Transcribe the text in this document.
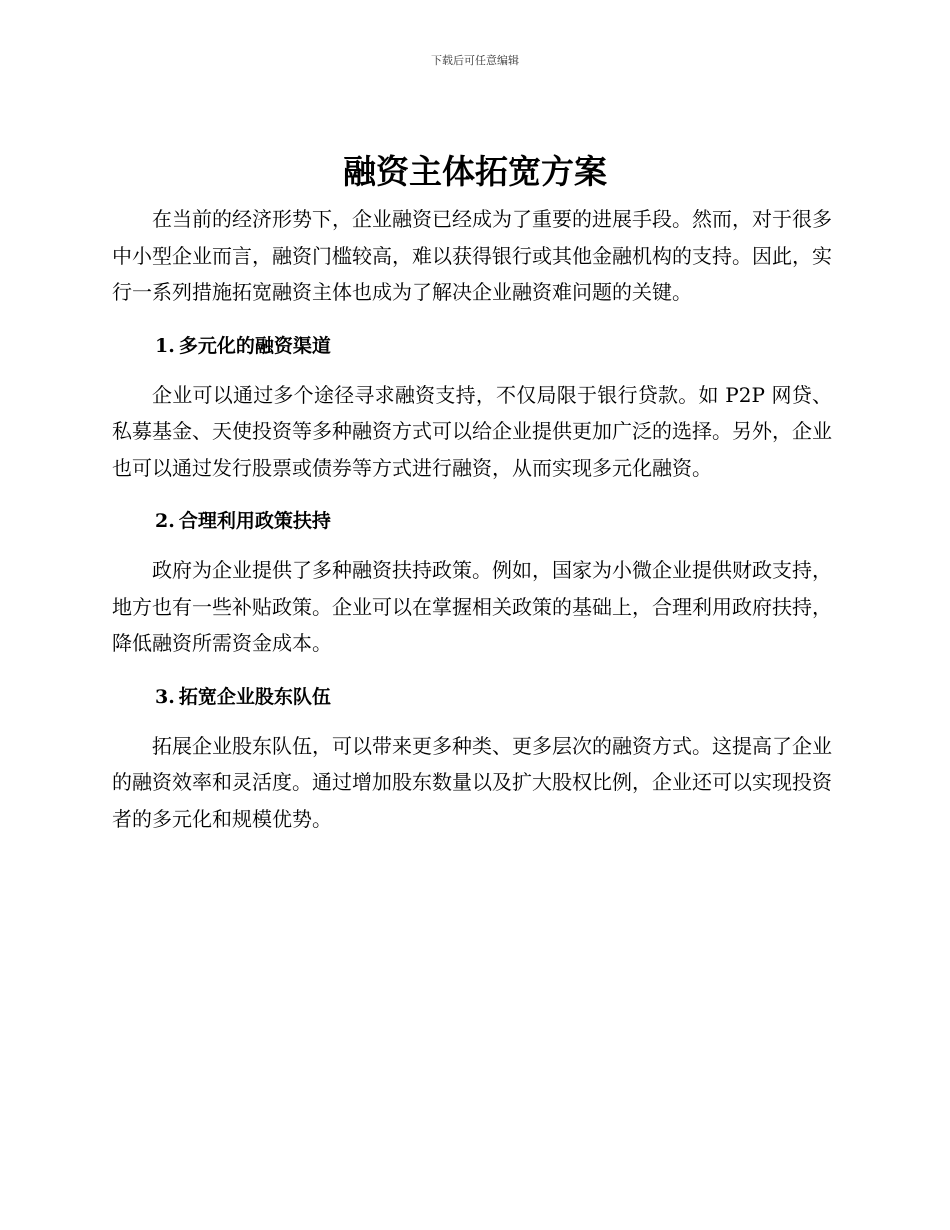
下载后可任意编辑
融资主体拓宽方案

在当前的经济形势下，企业融资已经成为了重要的进展手段。然而，对于很多中小型企业而言，融资门槛较高，难以获得银行或其他金融机构的支持。因此，实行一系列措施拓宽融资主体也成为了解决企业融资难问题的关键。

1. 多元化的融资渠道

企业可以通过多个途径寻求融资支持，不仅局限于银行贷款。如 P2P 网贷、私募基金、天使投资等多种融资方式可以给企业提供更加广泛的选择。另外，企业也可以通过发行股票或债券等方式进行融资，从而实现多元化融资。

2. 合理利用政策扶持

政府为企业提供了多种融资扶持政策。例如，国家为小微企业提供财政支持，地方也有一些补贴政策。企业可以在掌握相关政策的基础上，合理利用政府扶持，降低融资所需资金成本。

3. 拓宽企业股东队伍

拓展企业股东队伍，可以带来更多种类、更多层次的融资方式。这提高了企业的融资效率和灵活度。通过增加股东数量以及扩大股权比例，企业还可以实现投资者的多元化和规模优势。
